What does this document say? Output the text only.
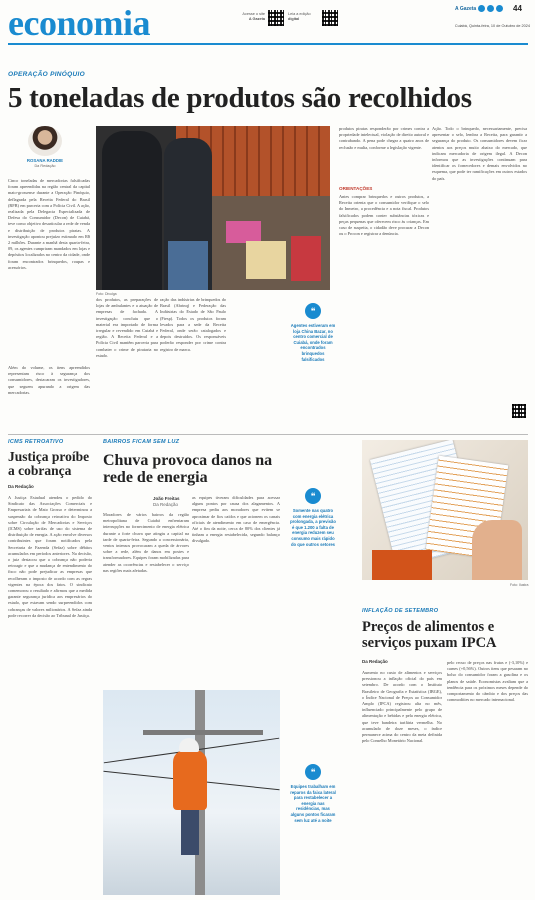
economia	Acesse o site
A Gazeta
Leia a edição
digital
A Gazeta	44
Cuiabá, Quinta-feira, 10 de Outubro de 2024
OPERAÇÃO PINÓQUIO
5 toneladas de produtos são recolhidos
ROSANA RADDIE
Da Redação
Cinco toneladas de mercadorias falsificadas foram apreendidas na região central da capital mato-grossense durante a Operação Pinóquio, deflagrada pela Receita Federal do Brasil (RFB) em parceria com a Polícia Civil. A ação, realizada pela Delegacia Especializada de Defesa do Consumidor (Decon) de Cuiabá, teve como objetivo desarticular a rede de venda e distribuição de produtos piratas. A investigação apontou prejuízo estimado em R$ 2 milhões. Durante a manhã desta quarta-feira, 09, os agentes cumpriram mandados em lojas e depósitos localizados no centro da cidade, onde foram encontrados brinquedos, roupas e acessórios.
Além do volume, os itens apreendidos representam risco à segurança dos consumidores, destacaram os investigadores, que seguem apurando a origem das mercadorias.
Foto: Divulga
dos produtos, as preparações de lojas de ambulantes e a atuação de empresas de fachada. A investigação concluiu que o material era importado de forma irregular e revendido em Cuiabá e região. A Receita Federal e a Polícia Civil mantêm parceria para combater o crime de pirataria no estado.
ração das indústrias de brinquedos do Brasil (Abrinq) e Federação das Indústrias do Estado de São Paulo (Fiesp). Todos os produtos foram levados para a sede da Receita Federal, onde serão catalogados e depois destruídos. Os responsáveis poderão responder por crime contra registro de marca.
❝
Agentes estiveram em loja China Bazar, no centro comercial de Cuiabá, onde foram encontrados brinquedos falsificados
produtos piratas responderão por crimes contra a propriedade intelectual, violação de direito autoral e contrabando. A pena pode chegar a quatro anos de reclusão e multa, conforme a legislação vigente.
ORIENTAÇÕES
Antes comprar brinquedos e outros produtos, a Receita orienta que o consumidor verifique o selo do Inmetro, a procedência e a nota fiscal. Produtos falsificados podem conter substâncias tóxicas e peças pequenas que oferecem risco às crianças. Em caso de suspeita, o cidadão deve procurar a Decon ou o Procon e registrar a denúncia.
Ação. Todo o brinquedo, necessariamente, precisa apresentar o selo, lembra a Receita, para garantir a segurança do produto. Os consumidores devem ficar atentos aos preços muito abaixo do mercado, que indicam mercadoria de origem ilegal. A Decon informou que as investigações continuam para identificar os fornecedores e demais envolvidos no esquema, que pode ter ramificações em outros estados do país.
ICMS RETROATIVO
Justiça proíbe a cobrança
Da Redação
A Justiça Estadual atendeu o pedido do Sindicato das Associações Comerciais e Empresariais de Mato Grosso e determinou a suspensão da cobrança retroativa do Imposto sobre Circulação de Mercadorias e Serviços (ICMS) sobre tarifas de uso do sistema de distribuição de energia. A ação envolve diversos contribuintes que foram notificados pela Secretaria de Fazenda (Sefaz) sobre débitos acumulados em períodos anteriores. Na decisão, o juiz destacou que a cobrança não poderia retroagir e que a mudança de entendimento do fisco não pode prejudicar as empresas que recolheram o imposto de acordo com as regras vigentes na época dos fatos. O sindicato comemorou o resultado e afirmou que a medida garante segurança jurídica aos empresários do estado, que estavam sendo surpreendidos com cobranças de valores milionários. A Sefaz ainda pode recorrer da decisão ao Tribunal de Justiça.
BAIRROS FICAM SEM LUZ
Chuva provoca danos na rede de energia
João Freitas
Da Redação
Moradores de vários bairros da região metropolitana de Cuiabá enfrentaram interrupções no fornecimento de energia elétrica durante a forte chuva que atingiu a capital na tarde de quarta-feira. Segundo a concessionária, ventos intensos provocaram a queda de árvores sobre a rede, além de danos em postes e transformadores. Equipes foram mobilizadas para atender as ocorrências e restabelecer o serviço nas regiões mais afetadas.
as equipes tiveram dificuldades para acessar alguns pontos por causa dos alagamentos. A empresa pediu aos moradores que evitem se aproximar de fios caídos e que acionem os canais oficiais de atendimento em caso de emergência. Até o fim da noite, cerca de 80% dos clientes já tinham a energia restabelecida, segundo balanço divulgado.
❝
Somente nas quatro com energia elétrica prolongada, a previsão é que 1.200 a falta de energia reduzem seu consumo mais rápido do que outros setores
❝
Equipes trabalham em reparos da faixa lateral para restabelecer a energia nas residências, mas alguns pontos ficaram sem luz até a noite
Foto: Ilustra
INFLAÇÃO DE SETEMBRO
Preços de alimentos e serviços puxam IPCA
Da Redação
Aumento no custo de alimentos e serviços pressionou a inflação oficial do país em setembro. De acordo com o Instituto Brasileiro de Geografia e Estatística (IBGE), o Índice Nacional de Preços ao Consumidor Amplo (IPCA) registrou alta no mês, influenciado principalmente pelo grupo de alimentação e bebidas e pela energia elétrica, que teve bandeira tarifária vermelha. No acumulado de doze meses, o índice permanece acima do centro da meta definida pelo Conselho Monetário Nacional.
pelo recuo de preços nas frutas e (-3,10%) e carnes (+0,56%). Outros itens que pesaram no bolso do consumidor foram a gasolina e os planos de saúde. Economistas avaliam que a tendência para os próximos meses depende do comportamento do câmbio e dos preços das commodities no mercado internacional.
